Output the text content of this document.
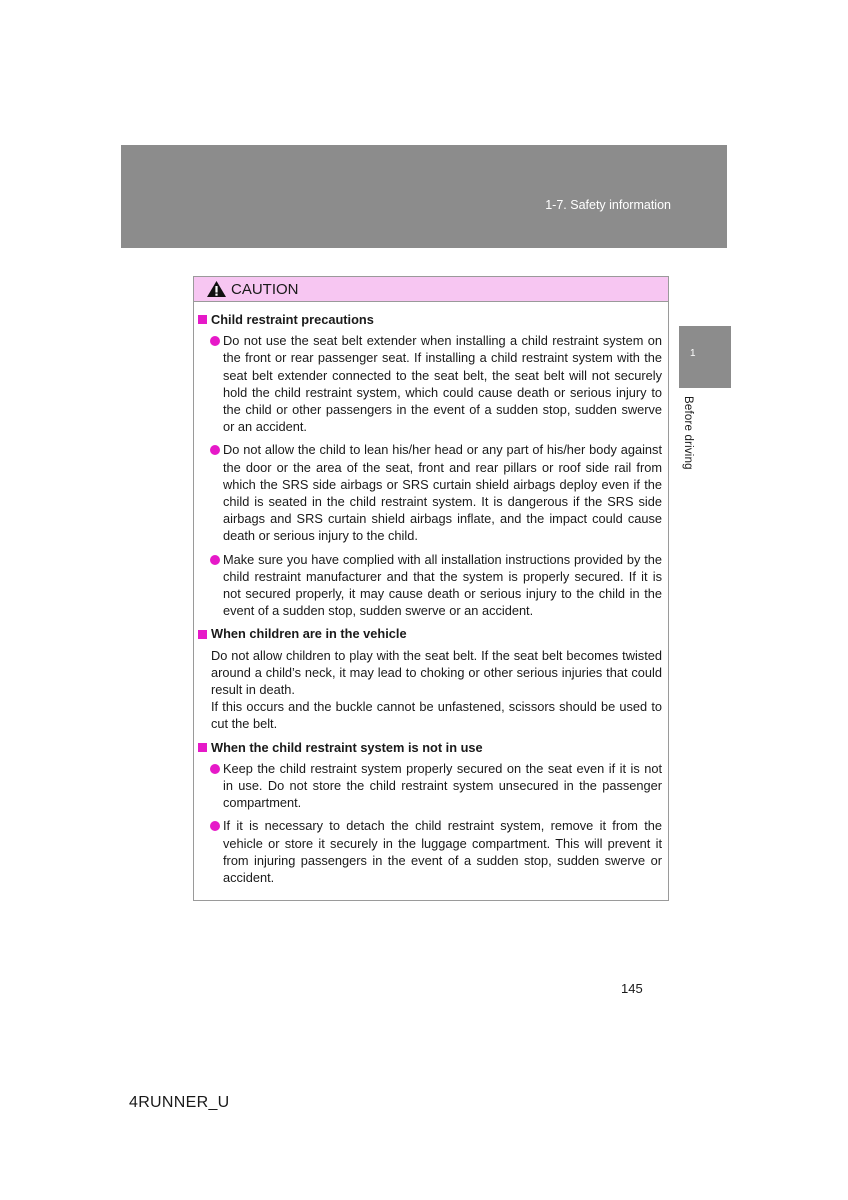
1-7. Safety information
1
Before driving
CAUTION
Child restraint precautions
Do not use the seat belt extender when installing a child restraint system on the front or rear passenger seat. If installing a child restraint system with the seat belt extender connected to the seat belt, the seat belt will not securely hold the child restraint system, which could cause death or serious injury to the child or other passengers in the event of a sudden stop, sudden swerve or an accident.
Do not allow the child to lean his/her head or any part of his/her body against the door or the area of the seat, front and rear pillars or roof side rail from which the SRS side airbags or SRS curtain shield airbags deploy even if the child is seated in the child restraint system. It is dangerous if the SRS side airbags and SRS curtain shield airbags inflate, and the impact could cause death or serious injury to the child.
Make sure you have complied with all installation instructions provided by the child restraint manufacturer and that the system is properly secured. If it is not secured properly, it may cause death or serious injury to the child in the event of a sudden stop, sudden swerve or an accident.
When children are in the vehicle

Do not allow children to play with the seat belt. If the seat belt becomes twisted around a child’s neck, it may lead to choking or other serious injuries that could result in death.

If this occurs and the buckle cannot be unfastened, scissors should be used to cut the belt.

When the child restraint system is not in use
Keep the child restraint system properly secured on the seat even if it is not in use. Do not store the child restraint system unsecured in the passenger compartment.
If it is necessary to detach the child restraint system, remove it from the vehicle or store it securely in the luggage compartment. This will prevent it from injuring passengers in the event of a sudden stop, sudden swerve or accident.
145
4RUNNER_U
